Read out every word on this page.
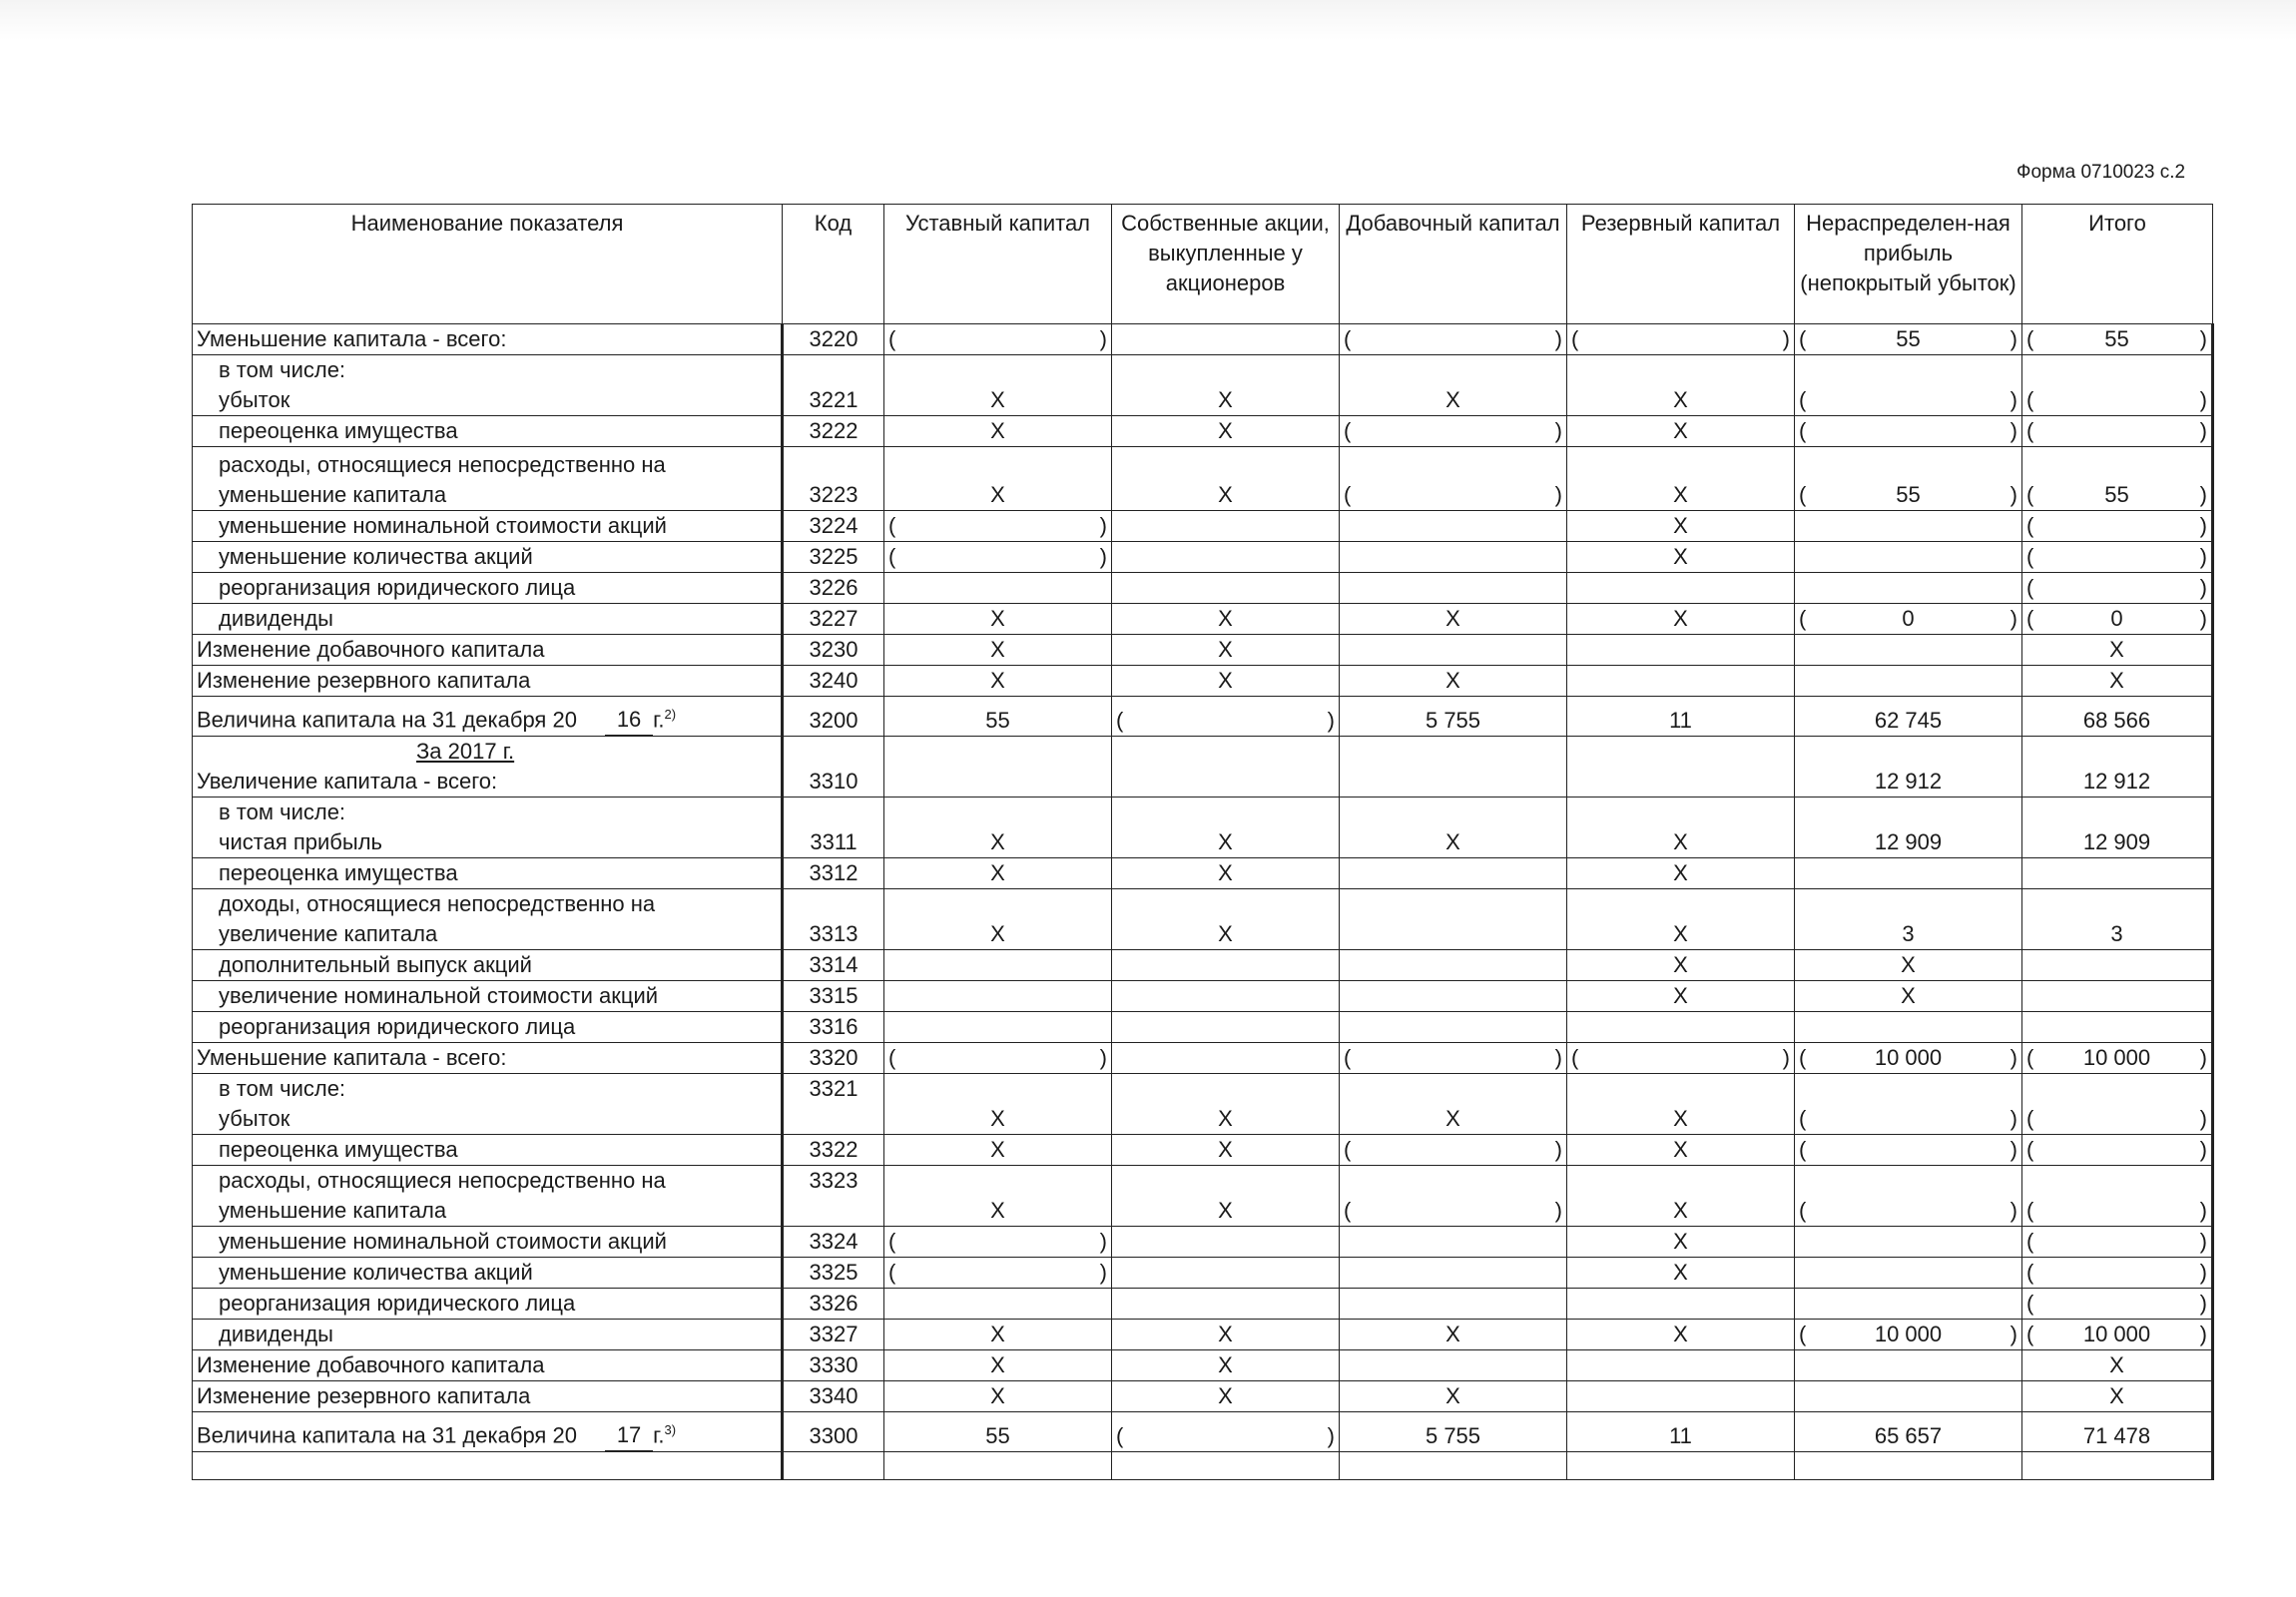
Форма 0710023 с.2
Наименование показателя	Код	Уставный капитал	Собственные акции, выкупленные у акционеров	Добавочный капитал	Резервный капитал	Нераспределен-ная прибыль (непокрытый убыток)	Итого
Уменьшение капитала - всего:	3220	( )		( )	( )	( 55 )	( 55 )

в том числе:
убыток	3221	X	X	X	X	( )	( )

переоценка имущества	3222	X	X	( )	X	( )	( )

расходы, относящиеся непосредственно на
уменьшение капитала	3223	X	X	( )	X	( 55 )	( 55 )

уменьшение номинальной стоимости акций	3224	( )			X		( )

уменьшение количества акций	3225	( )			X		( )

реорганизация юридического лица	3226						( )

дивиденды	3227	X	X	X	X	( 0 )	( 0 )

Изменение добавочного капитала	3230	X	X				X
Изменение резервного капитала	3240	X	X	X			X
Величина капитала на 31 декабря 20 16 г.$^{2)}$	3200	55	( )	5 755	11	62 745	68 566

За 2017 г.
Увеличение капитала - всего:	3310					12 912	12 912

в том числе:
чистая прибыль	3311	X	X	X	X	12 909	12 909
переоценка имущества	3312	X	X		X		

доходы, относящиеся непосредственно на
увеличение капитала	3313	X	X		X	3	3
дополнительный выпуск акций	3314				X	X	
увеличение номинальной стоимости акций	3315				X	X	
реорганизация юридического лица	3316						
Уменьшение капитала - всего:	3320	( )		( )	( )	( 10 000 )	( 10 000 )

в том числе:
убыток	3321	X	X	X	X	( )	( )

переоценка имущества	3322	X	X	( )	X	( )	( )

расходы, относящиеся непосредственно на
уменьшение капитала	3323	X	X	( )	X	( )	( )

уменьшение номинальной стоимости акций	3324	( )			X		( )

уменьшение количества акций	3325	( )			X		( )

реорганизация юридического лица	3326						( )

дивиденды	3327	X	X	X	X	( 10 000 )	( 10 000 )

Изменение добавочного капитала	3330	X	X				X
Изменение резервного капитала	3340	X	X	X			X
Величина капитала на 31 декабря 20 17 г.$^{3)}$	3300	55	( )	5 755	11	65 657	71 478
